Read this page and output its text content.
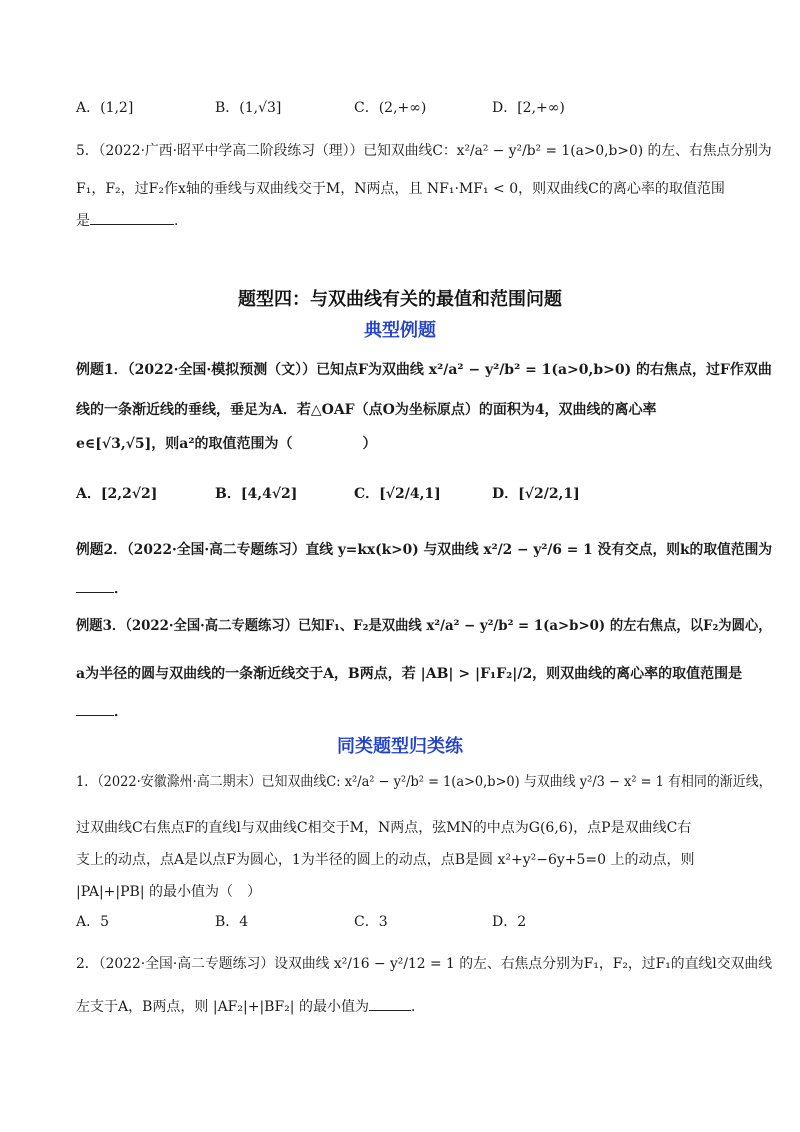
A．(1,2]	B．(1,√3]	C．(2,+∞)	D．[2,+∞)
5．（2022·广西·昭平中学高二阶段练习（理））已知双曲线C：x²/a² − y²/b² = 1(a>0,b>0) 的左、右焦点分别为
F₁，F₂，过F₂作x轴的垂线与双曲线交于M，N两点，且 NF₁·MF₁ < 0，则双曲线C的离心率的取值范围
是	．
题型四：与双曲线有关的最值和范围问题
典型例题
例题1．（2022·全国·模拟预测（文））已知点F为双曲线 x²/a² − y²/b² = 1(a>0,b>0) 的右焦点，过F作双曲
线的一条渐近线的垂线，垂足为A．若△OAF（点O为坐标原点）的面积为4，双曲线的离心率
e∈[√3,√5]，则a²的取值范围为（　　　　　）
A．[2,2√2]	B．[4,4√2]	C．[√2/4,1]	D．[√2/2,1]
例题2．（2022·全国·高二专题练习）直线 y=kx(k>0) 与双曲线 x²/2 − y²/6 = 1 没有交点，则k的取值范围为
．
例题3．（2022·全国·高二专题练习）已知F₁、F₂是双曲线 x²/a² − y²/b² = 1(a>b>0) 的左右焦点，以F₂为圆心，
a为半径的圆与双曲线的一条渐近线交于A，B两点，若 |AB| > |F₁F₂|/2，则双曲线的离心率的取值范围是
．
同类题型归类练
1．（2022·安徽滁州·高二期末）已知双曲线C: x²/a² − y²/b² = 1(a>0,b>0) 与双曲线 y²/3 − x² = 1 有相同的渐近线，
过双曲线C右焦点F的直线l与双曲线C相交于M，N两点，弦MN的中点为G(6,6)，点P是双曲线C右
支上的动点，点A是以点F为圆心，1为半径的圆上的动点，点B是圆 x²+y²−6y+5=0 上的动点，则
|PA|+|PB| 的最小值为（　）
A．5	B．4	C．3	D．2
2．（2022·全国·高二专题练习）设双曲线 x²/16 − y²/12 = 1 的左、右焦点分别为F₁，F₂，过F₁的直线l交双曲线
左支于A，B两点，则 |AF₂|+|BF₂| 的最小值为	．
